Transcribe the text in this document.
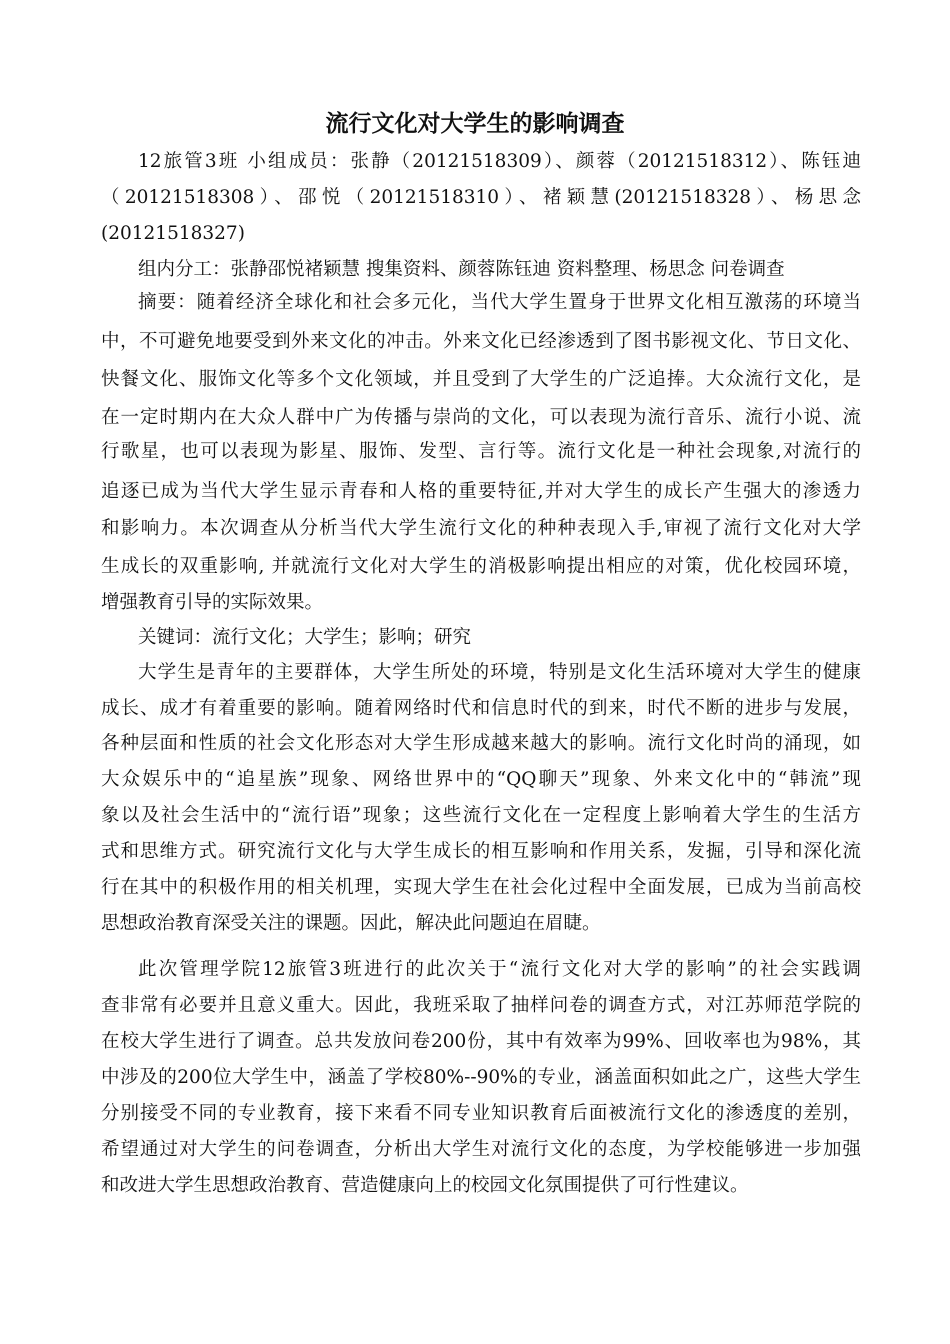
流行文化对大学生的影响调查

12旅管3班 小组成员：张静（20121518309）、颜蓉（20121518312）、陈钰迪

（20121518308）、邵悦（20121518310）、褚颖慧(20121518328）、杨思念

(20121518327)

组内分工：张静邵悦褚颖慧 搜集资料、颜蓉陈钰迪 资料整理、杨思念 问卷调查

摘要：随着经济全球化和社会多元化，当代大学生置身于世界文化相互激荡的环境当

中，不可避免地要受到外来文化的冲击。外来文化已经渗透到了图书影视文化、节日文化、

快餐文化、服饰文化等多个文化领域，并且受到了大学生的广泛追捧。大众流行文化，是

在一定时期内在大众人群中广为传播与崇尚的文化，可以表现为流行音乐、流行小说、流

行歌星，也可以表现为影星、服饰、发型、言行等。流行文化是一种社会现象,对流行的

追逐已成为当代大学生显示青春和人格的重要特征,并对大学生的成长产生强大的渗透力

和影响力。本次调查从分析当代大学生流行文化的种种表现入手,审视了流行文化对大学

生成长的双重影响, 并就流行文化对大学生的消极影响提出相应的对策，优化校园环境，

增强教育引导的实际效果。

关键词：流行文化；大学生；影响；研究

大学生是青年的主要群体，大学生所处的环境，特别是文化生活环境对大学生的健康

成长、成才有着重要的影响。随着网络时代和信息时代的到来，时代不断的进步与发展，

各种层面和性质的社会文化形态对大学生形成越来越大的影响。流行文化时尚的涌现，如

大众娱乐中的“追星族”现象、网络世界中的“QQ聊天”现象、外来文化中的“韩流”现

象以及社会生活中的“流行语”现象；这些流行文化在一定程度上影响着大学生的生活方

式和思维方式。研究流行文化与大学生成长的相互影响和作用关系，发掘，引导和深化流

行在其中的积极作用的相关机理，实现大学生在社会化过程中全面发展，已成为当前高校

思想政治教育深受关注的课题。因此，解决此问题迫在眉睫。

此次管理学院12旅管3班进行的此次关于“流行文化对大学的影响”的社会实践调

查非常有必要并且意义重大。因此，我班采取了抽样问卷的调查方式，对江苏师范学院的

在校大学生进行了调查。总共发放问卷200份，其中有效率为99%、回收率也为98%，其

中涉及的200位大学生中，涵盖了学校80%--90%的专业，涵盖面积如此之广，这些大学生

分别接受不同的专业教育，接下来看不同专业知识教育后面被流行文化的渗透度的差别，

希望通过对大学生的问卷调查，分析出大学生对流行文化的态度，为学校能够进一步加强

和改进大学生思想政治教育、营造健康向上的校园文化氛围提供了可行性建议。
